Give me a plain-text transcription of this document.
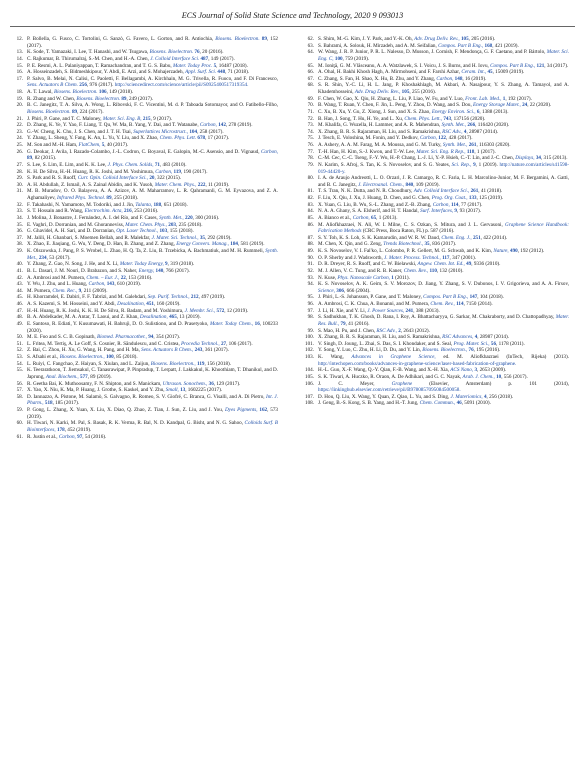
ECS Journal of Solid State Science and Technology, 2020 9 093013
12. P. Bollella, G. Fusco, C. Tortolini, G. Sanzò, G. Favero, L. Gorton, and R. Antiochia, Biosens. Bioelectron. 89, 152 (2017).
13. K. Sode, T. Yamazaki, I. Lee, T. Hanashi, and W. Tsugawa, Biosens. Bioelectron. 76, 20 (2016).
14. C. Rajkumar, B. Thirumalraj, S.-M. Chen, and H.-A. Chen, J. Colloid Interface Sci. 487, 149 (2017).
15. P. E. Resmi, A. L. Palaniyappan, T. Ramachandran, and T. G. S. Babu, Mater. Today Proc. 5, 16487 (2018).
16. A. Hosseinzadeh, S. Bidmeshkipour, Y. Abdi, E. Arzi, and S. Mohajerzadeh, Appl. Surf. Sci. 448, 71 (2018).
17. P. Salvo, B. Melai, N. Calisi, C. Paoletti, F. Bellagambi, A. Kirchhain, M. G. Trivella, R. Fuoco, and F. Di Francesco, Sens. Actuators B Chem. 256, 976 (2017). http://sciencedirect.com/science/article/pii/S0925400517319354.
18. A. T. Lawal, Biosens. Bioelectron. 106, 149 (2018).
19. R. Zhang and W. Chen, Biosens. Bioelectron. 89, 249 (2017).
20. B. C. Janegitz, T. A. Silva, A. Wong, L. Ribovski, F. C. Vicentini, M. d. P. Taboada Sotomayor, and O. Fatibello-Filho, Biosens. Bioelectron. 89, 224 (2017).
21. J. Phiri, P. Gane, and T. C. Maloney, Mater. Sci. Eng. B, 215, 9 (2017).
22. D. Zhang, K. Ye, Y. Yao, F. Liang, T. Qu, W. Ma, B. Yang, Y. Dai, and T. Watanabe, Carbon, 142, 278 (2019).
23. G.-W. Cheng, K. Chu, J. S. Chen, and J. T. H. Tsai, Superlattices Microstruct., 104, 258 (2017).
24. Y. Zhang, L. Sheng, Y. Fang, K. An, L. Yu, Y. Liu, and X. Zhao, Chem. Phys. Lett. 678, 17 (2017).
25. M. Son and M.-H. Ham, FlatChem, 5, 40 (2017).
26. G. Deokar, J. Avila, I. Razado-Colambo, J.-L. Codron, C. Boyaval, E. Galopin, M.-C. Asensio, and D. Vignaud, Carbon, 89, 82 (2015).
27. S. Lee, S. Lim, E. Lim, and K. K. Lee, J. Phys. Chem. Solids, 71, 483 (2010).
28. K. H. De Silva, H.-H. Huang, R. K. Joshi, and M. Yoshimura, Carbon, 119, 190 (2017).
29. S. Park and R. S. Ruoff, Curr. Opin. Colloid Interface Sci., 20, 322 (2015).
30. A. H. Abdullah, Z. Ismail, A. S. Zainal Abidin, and K. Yusoh, Mater. Chem. Phys., 222, 11 (2019).
31. M. B. Muradov, O. O. Balayeva, A. A. Azizov, A. M. Maharramov, L. R. Qahramanli, G. M. Eyvazova, and Z. A. Aghamaliyev, Infrared Phys. Technol. 89, 255 (2018).
32. F. Takahashi, N. Yamamoto, M. Todoriki, and J. Jin, Talanta, 188, 651 (2018).
33. S. T. Hossain and R. Wang, Electrochim. Acta, 216, 253 (2016).
34. J. Molina, J. Bonastre, J. Fernández, A. I. del Río, and F. Cases, Synth. Met., 220, 300 (2016).
35. E. Vaghri, D. Dorranian, and M. Ghoranneviss, Mater. Chem. Phys., 203, 235 (2018).
36. G. Ghavidel, A. H. Sari, and D. Dorranian, Opt. Laser Technol., 103, 155 (2018).
37. M. Jalili, H. Ghanbari, S. Moemen Bellah, and R. Malekfar, J. Mater. Sci. Technol., 35, 292 (2019).
38. X. Zhao, E. Jiaqiang, G. Wu, Y. Deng, D. Han, B. Zhang, and Z. Zhang, Energy Convers. Manag., 184, 581 (2019).
39. K. Olszowska, J. Pang, P. S. Wrobel, L. Zhao, H. Q. Ta, Z. Liu, B. Trzebicka, A. Bachmatiuk, and M. H. Rummeli, Synth. Met., 234, 53 (2017).
40. Y. Zhang, Z. Gao, N. Song, J. He, and X. Li, Mater. Today Energy, 9, 319 (2018).
41. B. L. Dasari, J. M. Nouri, D. Brabazon, and S. Naher, Energy, 140, 766 (2017).
42. A. Ambrosi and M. Pumera, Chem. – Eur. J., 22, 153 (2016).
43. Y. Wu, J. Zhu, and L. Huang, Carbon, 143, 610 (2019).
44. M. Pumera, Chem. Rec., 9, 211 (2009).
45. H. Khorramdel, E. Dabiri, F. F. Tabrizi, and M. Galehdari, Sep. Purif. Technol., 212, 497 (2019).
46. A. S. Kazemi, S. M. Hosseini, and Y. Abdi, Desalination, 451, 160 (2019).
47. H.-H. Huang, R. K. Joshi, K. K. H. De Silva, R. Badam, and M. Yoshimura, J. Membr. Sci., 572, 12 (2019).
48. B. A. Abdelkader, M. A. Antar, T. Laoui, and Z. Khan, Desalination, 465, 13 (2019).
49. E. Santoso, R. Ediati, Y. Kusumawati, H. Bahruji, D. O. Sulistiono, and D. Prasetyoko, Mater. Today Chem., 16, 100233 (2020).
50. M. E. Foo and S. C. B. Gopinath, Biomed. Pharmacother., 94, 354 (2017).
51. L. Fritea, M. Tertiş, A. Le Goff, S. Cosnier, R. Săndulescu, and C. Cristea, Procedia Technol., 27, 106 (2017).
52. Z. Bai, C. Zhou, H. Xu, G. Wang, H. Pang, and H. Ma, Sens. Actuators B Chem., 243, 361 (2017).
53. S. Afsahi et al., Biosens. Bioelectron., 100, 85 (2018).
54. L. Ruiyi, C. Fangchao, Z. Haiyan, S. Xiulan, and L. Zaijun, Biosens. Bioelectron., 119, 156 (2018).
55. K. Teeraratkoon, T. Jiemsakul, C. Tanasrawipat, P. Pinpradup, T. Lerpatt, J. Lakkakul, K. Khoothiam, T. Dhanikul, and D. Japrung, Anal. Biochem., 577, 89 (2019).
56. R. Geetha Bai, K. Muthoosamy, F. N. Shipton, and S. Manickam, Ultrason. Sonochem., 36, 129 (2017).
57. X. Yao, X. Niu, K. Ma, P. Huang, J. Grothe, S. Kaskel, and Y. Zhu, Small, 13, 1602225 (2017).
58. D. Iannazzo, A. Pistone, M. Salamò, S. Galvagno, R. Romeo, S. V. Giofré, C. Branca, G. Visalli, and A. Di Pietro, Int. J. Pharm., 518, 185 (2017).
59. P. Gong, L. Zhang, X. Yuan, X. Liu, X. Diao, Q. Zhao, Z. Tian, J. Sun, Z. Liu, and J. You, Dyes Pigments, 162, 573 (2019).
60. H. Tiwari, N. Karki, M. Pal, S. Basak, R. K. Verma, R. Bal, N. D. Kandpal, G. Bisht, and N. G. Sahoo, Colloids Surf. B Biointerfaces, 178, 452 (2019).
61. R. Justin et al., Carbon, 97, 54 (2016).
62. S. Shim, M.-G. Kim, J. Y. Park, and Y.-K. Oh, Adv. Drug Deliv. Rev., 105, 205 (2016).
63. S. Bahrami, A. Solouk, H. Mirzadeh, and A. M. Seifalian, Compos. Part B Eng., 168, 421 (2019).
64. W. Wang, J. R. P. Junior, P. R. L. Nalesso, D. Musson, J. Cornish, F. Mendonça, G. F. Caetano, and P. Bártolo, Mater. Sci. Eng. C, 100, 759 (2019).
65. M. Ioniţă, G. M. Vlăsceanu, A. A. Watzlawek, S. I. Voicu, J. S. Burns, and H. Iovu, Compos. Part B Eng., 121, 34 (2017).
66. A. Ohal, H. Bakhi Khosh Hagh, A. Mirmohseni, and F. Farshi Azhar, Ceram. Int., 45, 15009 (2019).
67. C. Zhang, S. Fan, H. Shao, X. Hu, B. Zhu, and Y. Zhang, Carbon, 148, 16 (2019).
68. S. R. Shin, Y.-C. Li, H. L. Jang, P. Khoshakhlagh, M. Akbari, A. Nasajpour, Y. S. Zhang, A. Tamayol, and A. Khademhosseini, Adv. Drug Deliv. Rev., 105, 255 (2016).
69. F. Chen, W. Gao, X. Qiu, H. Zhang, L. Liu, P. Liao, W. Fu, and Y. Luo, Front. Lab. Med., 1, 192 (2017).
70. B. Wang, T. Ruan, Y. Chen, F. Jin, L. Peng, Y. Zhou, D. Wang, and S. Dou, Energy Storage Mater., 24, 22 (2020).
71. C. Xu, B. Xu, Y. Gu, Z. Xiong, J. Sun, and X. S. Zhao, Energy Environ. Sci., 6, 1388 (2013).
72. B. Han, J. Song, T. Hu, H. Ye, and L. Xu, Chem. Phys. Lett., 743, 137156 (2020).
73. M. Khalifa, G. Wuzella, H. Lammer, and A. R. Mahendran, Synth. Met., 266, 116420 (2020).
74. X. Zhang, B. R. S. Rajaraman, H. Liu, and S. Ramakrishna, RSC Adv., 4, 28987 (2014).
75. J. Tesch, E. Voloshina, M. Fonin, and Y. Dedkov, Carbon, 122, 428 (2017).
76. A. Ashery, A. A. M. Farag, M. A. Moussa, and G. M. Turky, Synth. Met., 261, 116303 (2020).
77. T.-H. Han, H. Kim, S.-J. Kwon, and T.-W. Lee, Mater. Sci. Eng. R Rep., 118, 1 (2017).
78. C.-M. Cec, C.-C. Tseng, F.-Y. Wu, H.-P. Chang, L.-J. Li, Y.-P. Hsieh, C.-T. Lin, and J.-C. Chen, Displays, 34, 315 (2013).
79. N. Karim, S. Afroj, S. Tan, K. S. Novoselov, and S. G. Yeates, Sci. Rep., 9, 1 (2019). http://nature.com/articles/s41598-019-44420-y.
80. I. A. de Araujo Andreotti, L. O. Orzari, J. R. Camargo, R. C. Faria, L. H. Marcolino-Junior, M. F. Bergamini, A. Gatti, and B. C. Janegitz, J. Electroanal. Chem., 840, 109 (2019).
81. T. S. Tran, N. K. Dutta, and N. R. Choudhury, Adv. Colloid Interface Sci., 261, 41 (2018).
82. F. Liu, X. Qiu, J. Xu, J. Huang, D. Chen, and G. Chen, Prog. Org. Coat., 133, 125 (2019).
83. X. Yuan, G. Liu, B. Wu, S.-L. Zhang, and Z.-B. Zhang, Carbon, 114, 77 (2017).
84. N. A. A. Ghany, S. A. Elsherif, and H. T. Handal, Surf. Interfaces, 9, 93 (2017).
85. A. Bianco et al., Carbon, 65, 1 (2013).
86. M. Aliofkhazraei, N. Ali, W. I. Milne, C. S. Ozkan, S. Mitura, and J. L. Gervasoni, Graphene Science Handbook: Fabrication Methods (CRC Press, Boca Raton, FL) p. 587 (2016).
87. S. Y. Toh, K. S. Loh, S. K. Kamarudin, and W. R. W. Daud, Chem. Eng. J., 251, 422 (2014).
88. M. Chen, X. Qin, and G. Zeng, Trends Biotechnol., 35, 836 (2017).
89. K. S. Novoselov, V. I. Fal'ko, L. Colombo, P. R. Gellert, M. G. Schwab, and K. Kim, Nature, 490, 192 (2012).
90. O. P. Sherby and J. Wadsworth, J. Mater. Process. Technol., 117, 347 (2001).
91. D. R. Dreyer, R. S. Ruoff, and C. W. Bielawski, Angew. Chem. Int. Ed., 49, 9336 (2010).
92. M. J. Allen, V. C. Tung, and R. B. Kaner, Chem. Rev., 110, 132 (2010).
93. N. Kuse, Phys. Nanoscale Carbon, 1 (2011).
94. K. S. Novoselov, A. K. Geim, S. V. Morozov, D. Jiang, Y. Zhang, S. V. Dubonos, I. V. Grigorieva, and A. A. Firsov, Science, 306, 666 (2004).
95. J. Phiri, L.-S. Johansson, P. Gane, and T. Maloney, Compos. Part B Eng., 147, 104 (2018).
96. A. Ambrosi, C. K. Chua, A. Bonanni, and M. Pumera, Chem. Rev., 114, 7150 (2014).
97. J. Li, H. Xie, and Y. Li, J. Power Sources, 241, 388 (2013).
98. S. Sadhukhan, T. K. Ghosh, D. Rana, I. Roy, A. Bhattacharyya, G. Sarkar, M. Chakraborty, and D. Chattopadhyay, Mater. Res. Bull., 79, 41 (2016).
99. S. Mao, H. Pu, and J. Chen, RSC Adv., 2, 2643 (2012).
100. X. Zhang, B. R. S. Rajaraman, H. Liu, and S. Ramakrishna, RSC Advances, 4, 28987 (2014).
101. V. Singh, D. Joung, L. Zhai, S. Das, S. I. Khondaker, and S. Seal, Prog. Mater. Sci., 56, 1178 (2011).
102. Y. Song, Y. Luo, C. Zhu, H. Li, D. Du, and Y. Lin, Biosens. Bioelectron., 76, 195 (2016).
103. K. Wang, Advances in Graphene Science, ed. M. Aliofkhazraei (InTech, Rijeka) (2013). http://intechopen.com/books/advances-in-graphene-science/laser-based-fabrication-of-graphene.
104. H.-L. Guo, X.-F. Wang, Q.-Y. Qian, F.-B. Wang, and X.-H. Xia, ACS Nano, 3, 2653 (2009).
105. S. K. Tiwari, A. Huczko, R. Oraon, A. De Adhikari, and G. C. Nayak, Arab. J. Chem., 10, 556 (2017).
106. J. C. Meyer, Graphene (Elsevier, Amsterdam) p. 101 (2014), https://linkinghub.elsevier.com/retrieve/pii/B9780857095084500058.
107. D. Hou, Q. Liu, X. Wang, Y. Quan, Z. Qiao, L. Yu, and S. Ding, J. Materiomics, 4, 256 (2018).
108. J. Geng, B.-S. Kong, S. B. Yang, and H.-T. Jung, Chem. Commun., 46, 5091 (2010).
